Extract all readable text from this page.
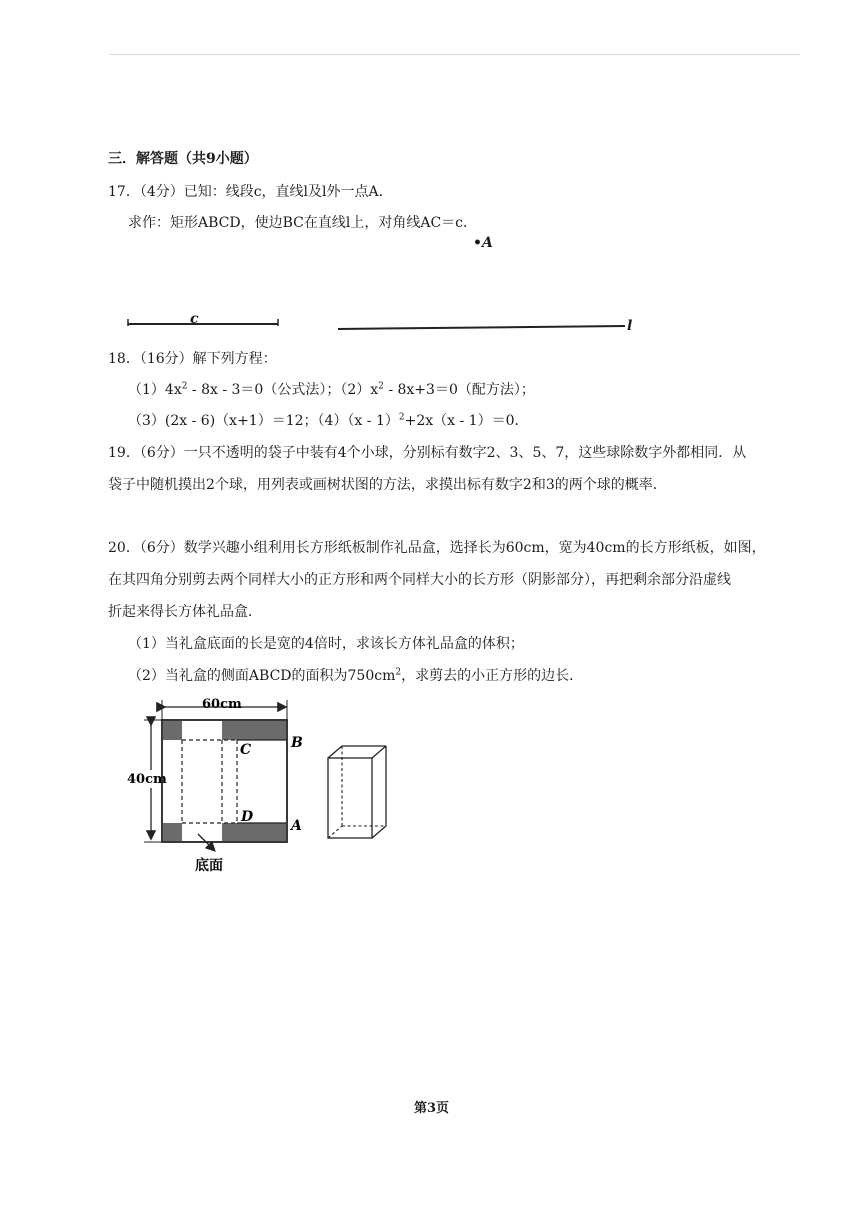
三．解答题（共9小题）
17．（4分）已知：线段c，直线l及l外一点A．
求作：矩形ABCD，使边BC在直线l上，对角线AC＝c．
•A
c	l
18．（16分）解下列方程：
$(1)4x^2 - 8x - 3=0$（公式法）；$(2)x^2 - 8x+3=0$（配方法）；
（3）(2x - 6)（x+1）＝12；（4）（x - 1）$^2$+2x（x - 1）＝0．
19．（6分）一只不透明的袋子中装有4个小球，分别标有数字2、3、5、7，这些球除数字外都相同．从
袋子中随机摸出2个球，用列表或画树状图的方法，求摸出标有数字2和3的两个球的概率．
20．（6分）数学兴趣小组利用长方形纸板制作礼品盒，选择长为60cm，宽为40cm的长方形纸板，如图，
在其四角分别剪去两个同样大小的正方形和两个同样大小的长方形（阴影部分），再把剩余部分沿虚线
折起来得长方体礼品盒．
（1）当礼盒底面的长是宽的4倍时，求该长方体礼品盒的体积；
（2）当礼盒的侧面ABCD的面积为$750cm^2$，求剪去的小正方形的边长．
60cm
40cm
B
C
D
A
底面
第3页
